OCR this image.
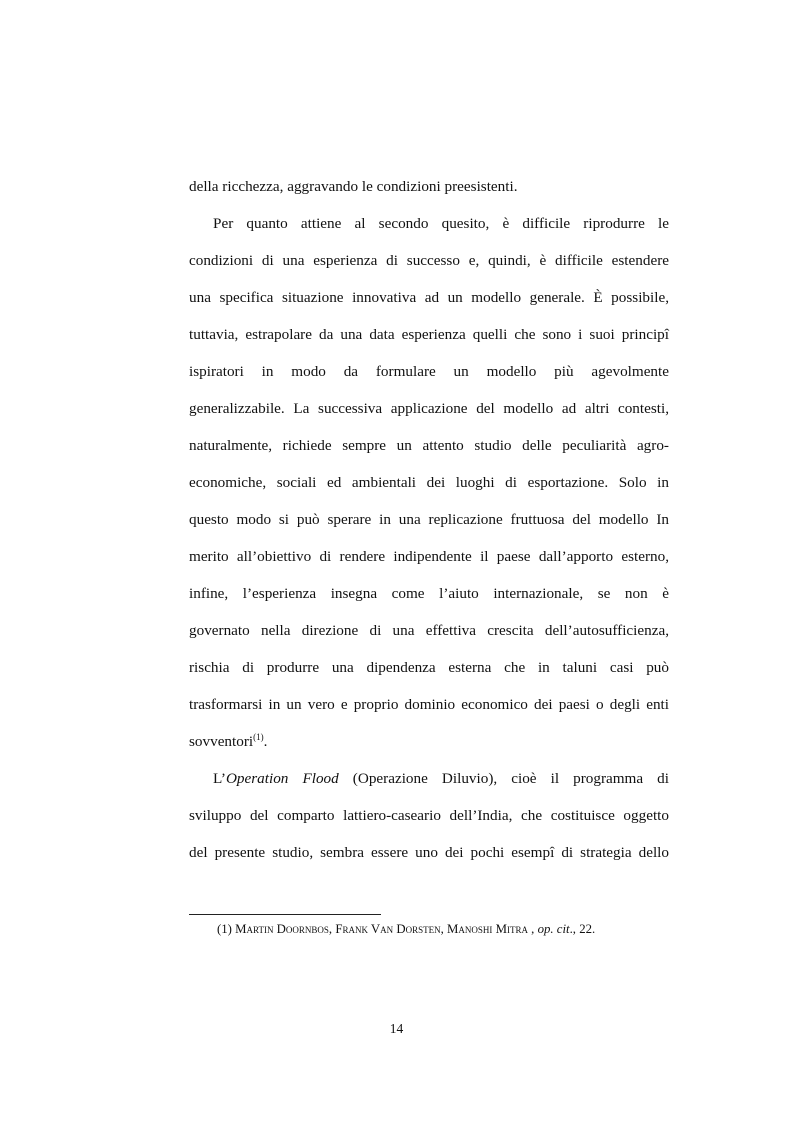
della ricchezza, aggravando le condizioni preesistenti.
Per quanto attiene al secondo quesito, è difficile riprodurre le
condizioni di una esperienza di successo e, quindi, è difficile estendere
una specifica situazione innovativa ad un modello generale. È possibile,
tuttavia, estrapolare da una data esperienza quelli che sono i suoi principî
ispiratori in modo da formulare un modello più agevolmente
generalizzabile. La successiva applicazione del modello ad altri contesti,
naturalmente, richiede sempre un attento studio delle peculiarità agro-
economiche, sociali ed ambientali dei luoghi di esportazione. Solo in
questo modo si può sperare in una replicazione fruttuosa del modello In
merito all’obiettivo di rendere indipendente il paese dall’apporto esterno,
infine, l’esperienza insegna come l’aiuto internazionale, se non è
governato nella direzione di una effettiva crescita dell’autosufficienza,
rischia di produrre una dipendenza esterna che in taluni casi può
trasformarsi in un vero e proprio dominio economico dei paesi o degli enti
sovventori$^{(1)}$.
L’Operation Flood (Operazione Diluvio), cioè il programma di
sviluppo del comparto lattiero-caseario dell’India, che costituisce oggetto
del presente studio, sembra essere uno dei pochi esempî di strategia dello
(1) Martin Doornbos, Frank Van Dorsten, Manoshi Mitra , op. cit., 22.
14
